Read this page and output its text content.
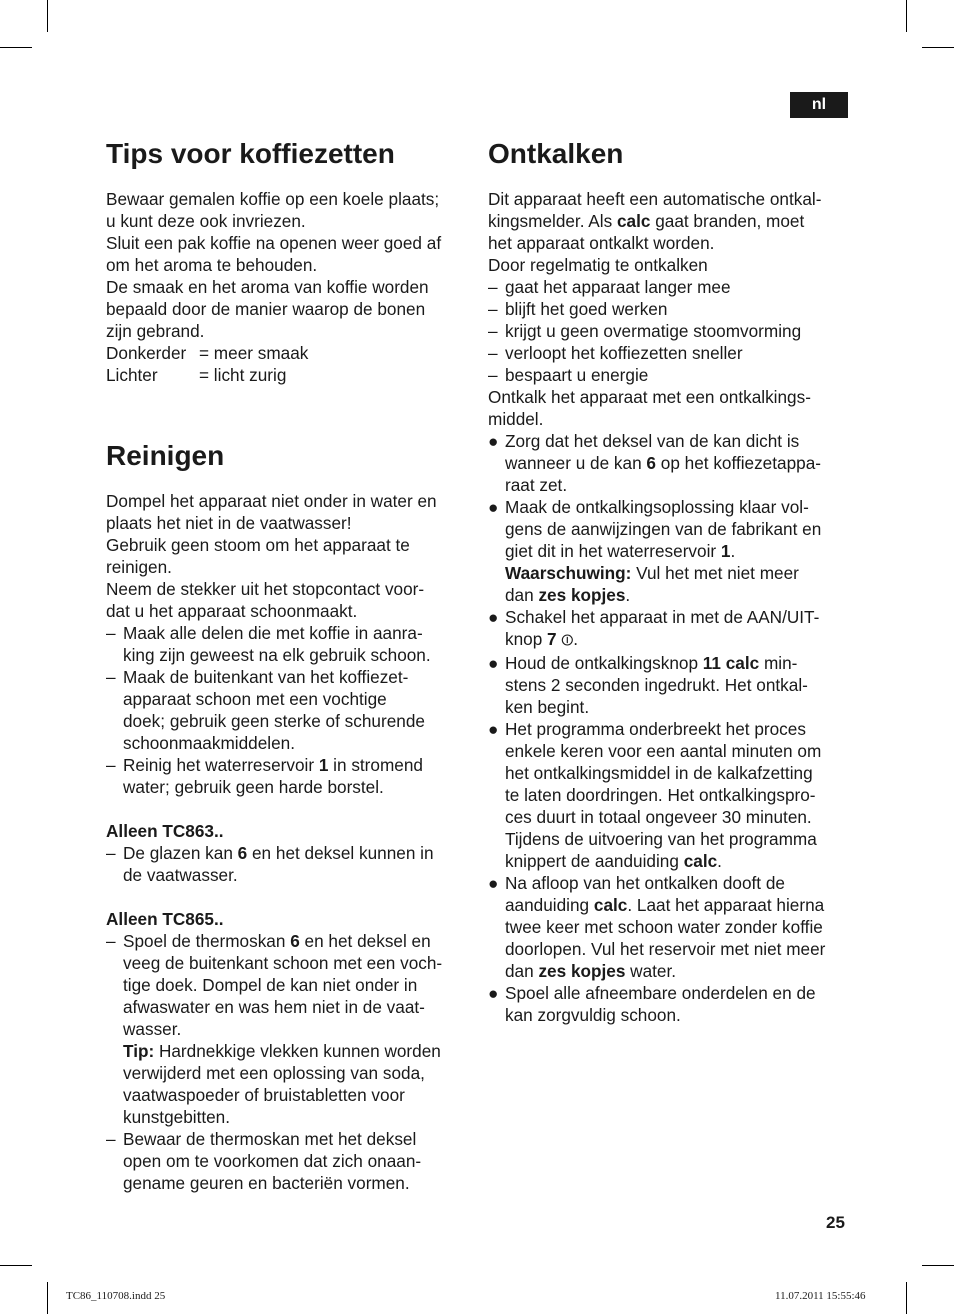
nl
Tips voor koffiezetten

Bewaar gemalen koffie op een koele plaats;

u kunt deze ook invriezen.

Sluit een pak koffie na openen weer goed af

om het aroma te behouden.

De smaak en het aroma van koffie worden

bepaald door de manier waarop de bonen

zijn gebrand.

Donkerder = meer smaak
Lichter	= licht zurig
Reinigen

Dompel het apparaat niet onder in water en

plaats het niet in de vaatwasser!

Gebruik geen stoom om het apparaat te

reinigen.

Neem de stekker uit het stopcontact voor-

dat u het apparaat schoonmaakt.

– Maak alle delen die met koffie in aanra-
king zijn geweest na elk gebruik schoon.
– Maak de buitenkant van het koffiezet-
apparaat schoon met een vochtige
doek; gebruik geen sterke of schurende
schoonmaakmiddelen.
– Reinig het waterreservoir 1 in stromend
water; gebruik geen harde borstel.

Alleen TC863..

– De glazen kan 6 en het deksel kunnen in
de vaatwasser.

Alleen TC865..

– Spoel de thermoskan 6 en het deksel en
veeg de buitenkant schoon met een voch-
tige doek. Dompel de kan niet onder in
afwaswater en was hem niet in de vaat-
wasser.
Tip: Hardnekkige vlekken kunnen worden
verwijderd met een oplossing van soda,
vaatwaspoeder of bruistabletten voor
kunstgebitten.
– Bewaar de thermoskan met het deksel
open om te voorkomen dat zich onaan-
gename geuren en bacteriën vormen.
Ontkalken

Dit apparaat heeft een automatische ontkal-

kingsmelder. Als calc gaat branden, moet

het apparaat ontkalkt worden.

Door regelmatig te ontkalken

– gaat het apparaat langer mee
– blijft het goed werken
– krijgt u geen overmatige stoomvorming
– verloopt het koffiezetten sneller
– bespaart u energie

Ontkalk het apparaat met een ontkalkings-

middel.

● Zorg dat het deksel van de kan dicht is
wanneer u de kan 6 op het koffiezetappa-
raat zet.
● Maak de ontkalkingsoplossing klaar vol-
gens de aanwijzingen van de fabrikant en
giet dit in het waterreservoir 1.
Waarschuwing: Vul het met niet meer
dan zes kopjes.
● Schakel het apparaat in met de AAN/UIT-
knop 7 ⏼.
● Houd de ontkalkingsknop 11 calc min-
stens 2 seconden ingedrukt. Het ontkal-
ken begint.
● Het programma onderbreekt het proces
enkele keren voor een aantal minuten om
het ontkalkingsmiddel in de kalkafzetting
te laten doordringen. Het ontkalkingspro-
ces duurt in totaal ongeveer 30 minuten.
Tijdens de uitvoering van het programma
knippert de aanduiding calc.
● Na afloop van het ontkalken dooft de
aanduiding calc. Laat het apparaat hierna
twee keer met schoon water zonder koffie
doorlopen. Vul het reservoir met niet meer
dan zes kopjes water.
● Spoel alle afneembare onderdelen en de
kan zorgvuldig schoon.
25
TC86_110708.indd 25	11.07.2011 15:55:46
